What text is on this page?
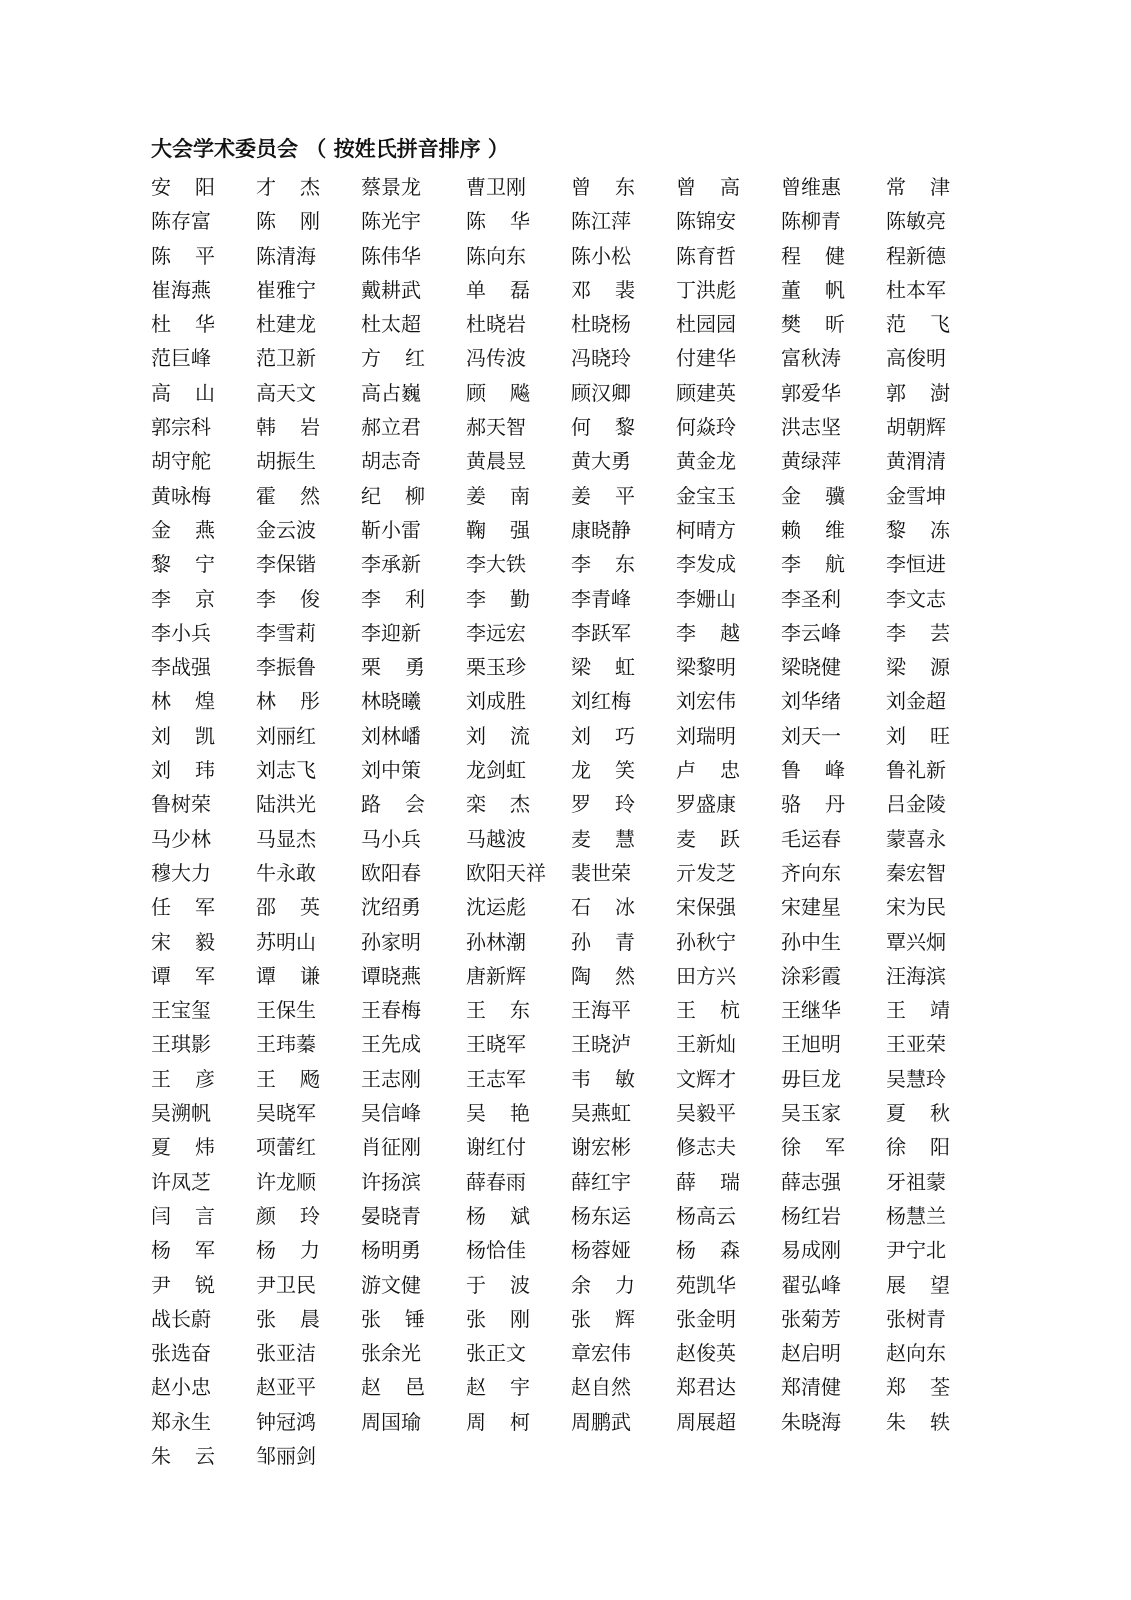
大会学术委员会 （ 按姓氏拼音排序 ）
安 阳 才 杰 蔡景龙 曹卫刚 曾 东 曾 高 曾维惠 常 津
陈存富 陈 刚 陈光宇 陈 华 陈江萍 陈锦安 陈柳青 陈敏亮
陈 平 陈清海 陈伟华 陈向东 陈小松 陈育哲 程 健 程新德
崔海燕 崔雅宁 戴耕武 单 磊 邓 裴 丁洪彪 董 帆 杜本军
杜 华 杜建龙 杜太超 杜晓岩 杜晓杨 杜园园 樊 昕 范 飞
范巨峰 范卫新 方 红 冯传波 冯晓玲 付建华 富秋涛 高俊明
高 山 高天文 高占巍 顾 飚 顾汉卿 顾建英 郭爱华 郭 澍
郭宗科 韩 岩 郝立君 郝天智 何 黎 何焱玲 洪志坚 胡朝辉
胡守舵 胡振生 胡志奇 黄晨昱 黄大勇 黄金龙 黄绿萍 黄渭清
黄咏梅 霍 然 纪 柳 姜 南 姜 平 金宝玉 金 骥 金雪坤
金 燕 金云波 靳小雷 鞠 强 康晓静 柯晴方 赖 维 黎 冻
黎 宁 李保锴 李承新 李大铁 李 东 李发成 李 航 李恒进
李 京 李 俊 李 利 李 勤 李青峰 李姗山 李圣利 李文志
李小兵 李雪莉 李迎新 李远宏 李跃军 李 越 李云峰 李 芸
李战强 李振鲁 栗 勇 栗玉珍 梁 虹 梁黎明 梁晓健 梁 源
林 煌 林 彤 林晓曦 刘成胜 刘红梅 刘宏伟 刘华绪 刘金超
刘 凯 刘丽红 刘林嶓 刘 流 刘 巧 刘瑞明 刘天一 刘 旺
刘 玮 刘志飞 刘中策 龙剑虹 龙 笑 卢 忠 鲁 峰 鲁礼新
鲁树荣 陆洪光 路 会 栾 杰 罗 玲 罗盛康 骆 丹 吕金陵
马少林 马显杰 马小兵 马越波 麦 慧 麦 跃 毛运春 蒙喜永
穆大力 牛永敢 欧阳春 欧阳天祥	裴世荣 亓发芝 齐向东 秦宏智
任 军 邵 英 沈绍勇 沈运彪 石 冰 宋保强 宋建星 宋为民
宋 毅 苏明山 孙家明 孙林潮 孙 青 孙秋宁 孙中生 覃兴炯
谭 军 谭 谦 谭晓燕 唐新辉 陶 然 田方兴 涂彩霞 汪海滨
王宝玺 王保生 王春梅 王 东 王海平 王 杭 王继华 王 靖
王琪影 王玮蓁 王先成 王晓军 王晓泸 王新灿 王旭明 王亚荣
王 彦 王 飏 王志刚 王志军 韦 敏 文辉才 毋巨龙 吴慧玲
吴溯帆 吴晓军 吴信峰 吴 艳 吴燕虹 吴毅平 吴玉家 夏 秋
夏 炜 项蕾红 肖征刚 谢红付 谢宏彬 修志夫 徐 军 徐 阳
许凤芝 许龙顺 许扬滨 薛春雨 薛红宇 薛 瑞 薛志强 牙祖蒙
闫 言 颜 玲 晏晓青 杨 斌 杨东运 杨高云 杨红岩 杨慧兰
杨 军 杨 力 杨明勇 杨恰佳 杨蓉娅 杨 森 易成刚 尹宁北
尹 锐 尹卫民 游文健 于 波 余 力 苑凯华 翟弘峰 展 望
战长蔚 张 晨 张 锤 张 刚 张 辉 张金明 张菊芳 张树青
张选奋 张亚洁 张余光 张正文 章宏伟 赵俊英 赵启明 赵向东
赵小忠 赵亚平 赵 邑 赵 宇 赵自然 郑君达 郑清健 郑 荃
郑永生 钟冠鸿 周国瑜 周 柯 周鹏武 周展超 朱晓海 朱 轶
朱 云 邹丽剑
